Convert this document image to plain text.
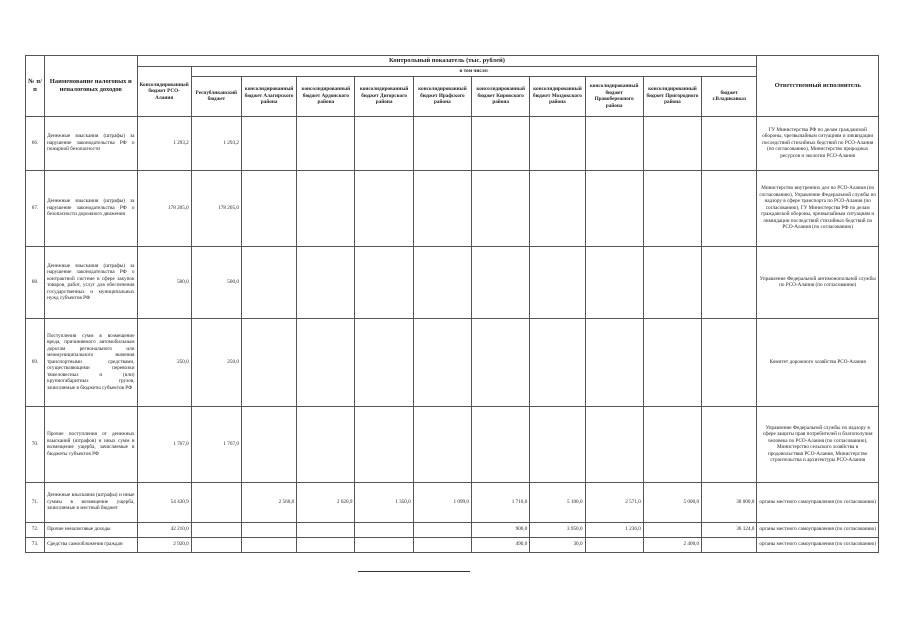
№ п/п	Наименование налоговых и неналоговых доходов	Контрольный показатель (тыс. рублей)											Ответственный исполнитель
		Консолидированный бюджет РСО-Алания	в том числе:										
			Республиканский бюджет	консолидированный бюджет Алагирского района	консолидированный бюджет Ардонского района	консолидированный бюджет Дигорского района	консолидированный бюджет Ирафского района	консолидированный бюджет Кировского района	консолидированный бюджет Моздокского района	консолидированный бюджет Правобережного района	консолидированный бюджет Пригородного района	бюджет г.Владикавказ	
66.	Денежные взыскания (штрафы) за нарушение законодательства РФ о пожарной безопасности	1 293,2	1 293,2										ГУ Министерства РФ по делам гражданской обороны, чрезвычайным ситуациям и ликвидации последствий стихийных бедствий по РСО-Алания (по согласованию), Министерство природных ресурсов и экологии РСО-Алания
67.	Денежные взыскания (штрафы) за нарушение законодательства РФ о безопасности дорожного движения	178 205,0	178 205,0										Министерство внутренних дел по РСО-Алания (по согласованию), Управление Федеральной службы по надзору в сфере транспорта по РСО-Алания (по согласованию), ГУ Министерства РФ по делам гражданской обороны, чрезвычайным ситуациям и ликвидации последствий стихийных бедствий по РСО-Алания (по согласованию)
68.	Денежные взыскания (штрафы) за нарушение законодательства РФ о контрактной системе в сфере закупок товаров, работ, услуг для обеспечения государственных и муниципальных нужд субъектов РФ	500,0	500,0										Управление Федеральной антимонопольной службы по РСО-Алания (по согласованию)
69.	Поступления сумм в возмещение вреда, причиняемого автомобильным дорогам регионального или межмуниципального значения транспортными средствами, осуществляющими перевозки тяжеловесных и (или) крупногабаритных грузов, зачисляемые в бюджеты субъектов РФ	250,0	250,0										Комитет дорожного хозяйства РСО-Алания
70.	Прочие поступления от денежных взысканий (штрафов) и иных сумм в возмещение ущерба, зачисляемые в бюджеты субъектов РФ	1 767,0	1 767,0										Управление Федеральной службы по надзору в сфере защиты прав потребителей и благополучия человека по РСО-Алания (по согласованию), Министерство сельского хозяйства и продовольствия РСО-Алания, Министерство строительства и архитектуры РСО-Алания
71.	Денежные взыскания (штрафы) и иные суммы в возмещение ущерба, зачисляемые в местный бюджет	54 430,9		2 560,0	2 620,9	1 350,0	1 099,0	1 710,0	5 100,0	2 571,0	5 000,0	30 000,0	органы местного самоуправления (по согласованию)
72.	Прочие неналоговые доходы	42 210,0						900,0	3 950,0	1 236,0		36 124,0	органы местного самоуправления (по согласованию)
73.	Средства самообложения граждан	2 920,0						490,0	30,0		2 400,0		органы местного самоуправления (по согласованию)
